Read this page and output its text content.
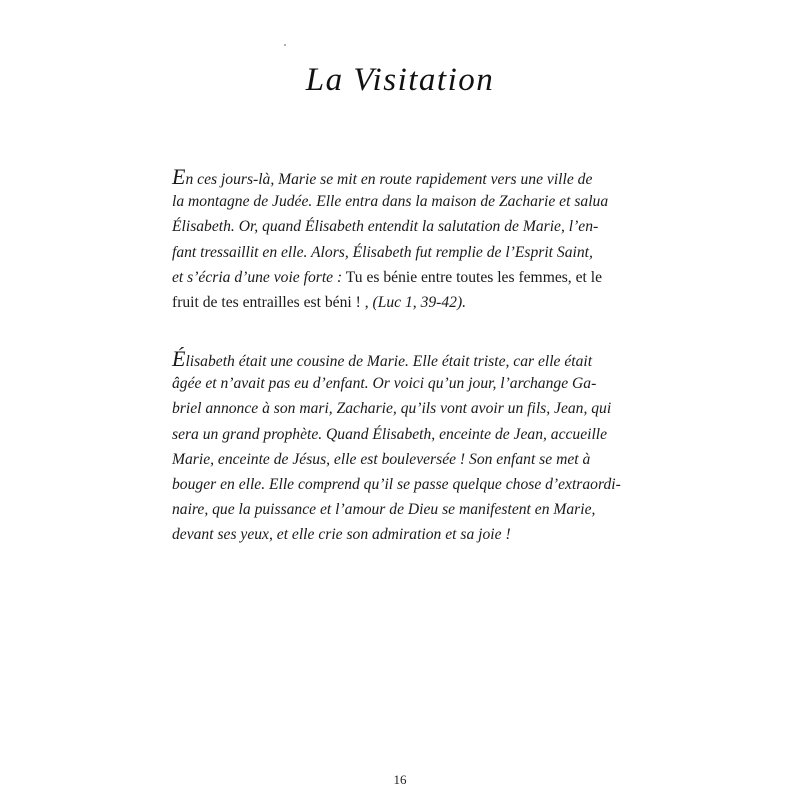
La Visitation

En ces jours-là, Marie se mit en route rapidement vers une ville de
la montagne de Judée. Elle entra dans la maison de Zacharie et salua
Élisabeth. Or, quand Élisabeth entendit la salutation de Marie, l’en-
fant tressaillit en elle. Alors, Élisabeth fut remplie de l’Esprit Saint,
et s’écria d’une voie forte : Tu es bénie entre toutes les femmes, et le
fruit de tes entrailles est béni ! , (Luc 1, 39-42).

Élisabeth était une cousine de Marie. Elle était triste, car elle était
âgée et n’avait pas eu d’enfant. Or voici qu’un jour, l’archange Ga-
briel annonce à son mari, Zacharie, qu’ils vont avoir un fils, Jean, qui
sera un grand prophète. Quand Élisabeth, enceinte de Jean, accueille
Marie, enceinte de Jésus, elle est bouleversée ! Son enfant se met à
bouger en elle. Elle comprend qu’il se passe quelque chose d’extraordi-
naire, que la puissance et l’amour de Dieu se manifestent en Marie,
devant ses yeux, et elle crie son admiration et sa joie !

16
